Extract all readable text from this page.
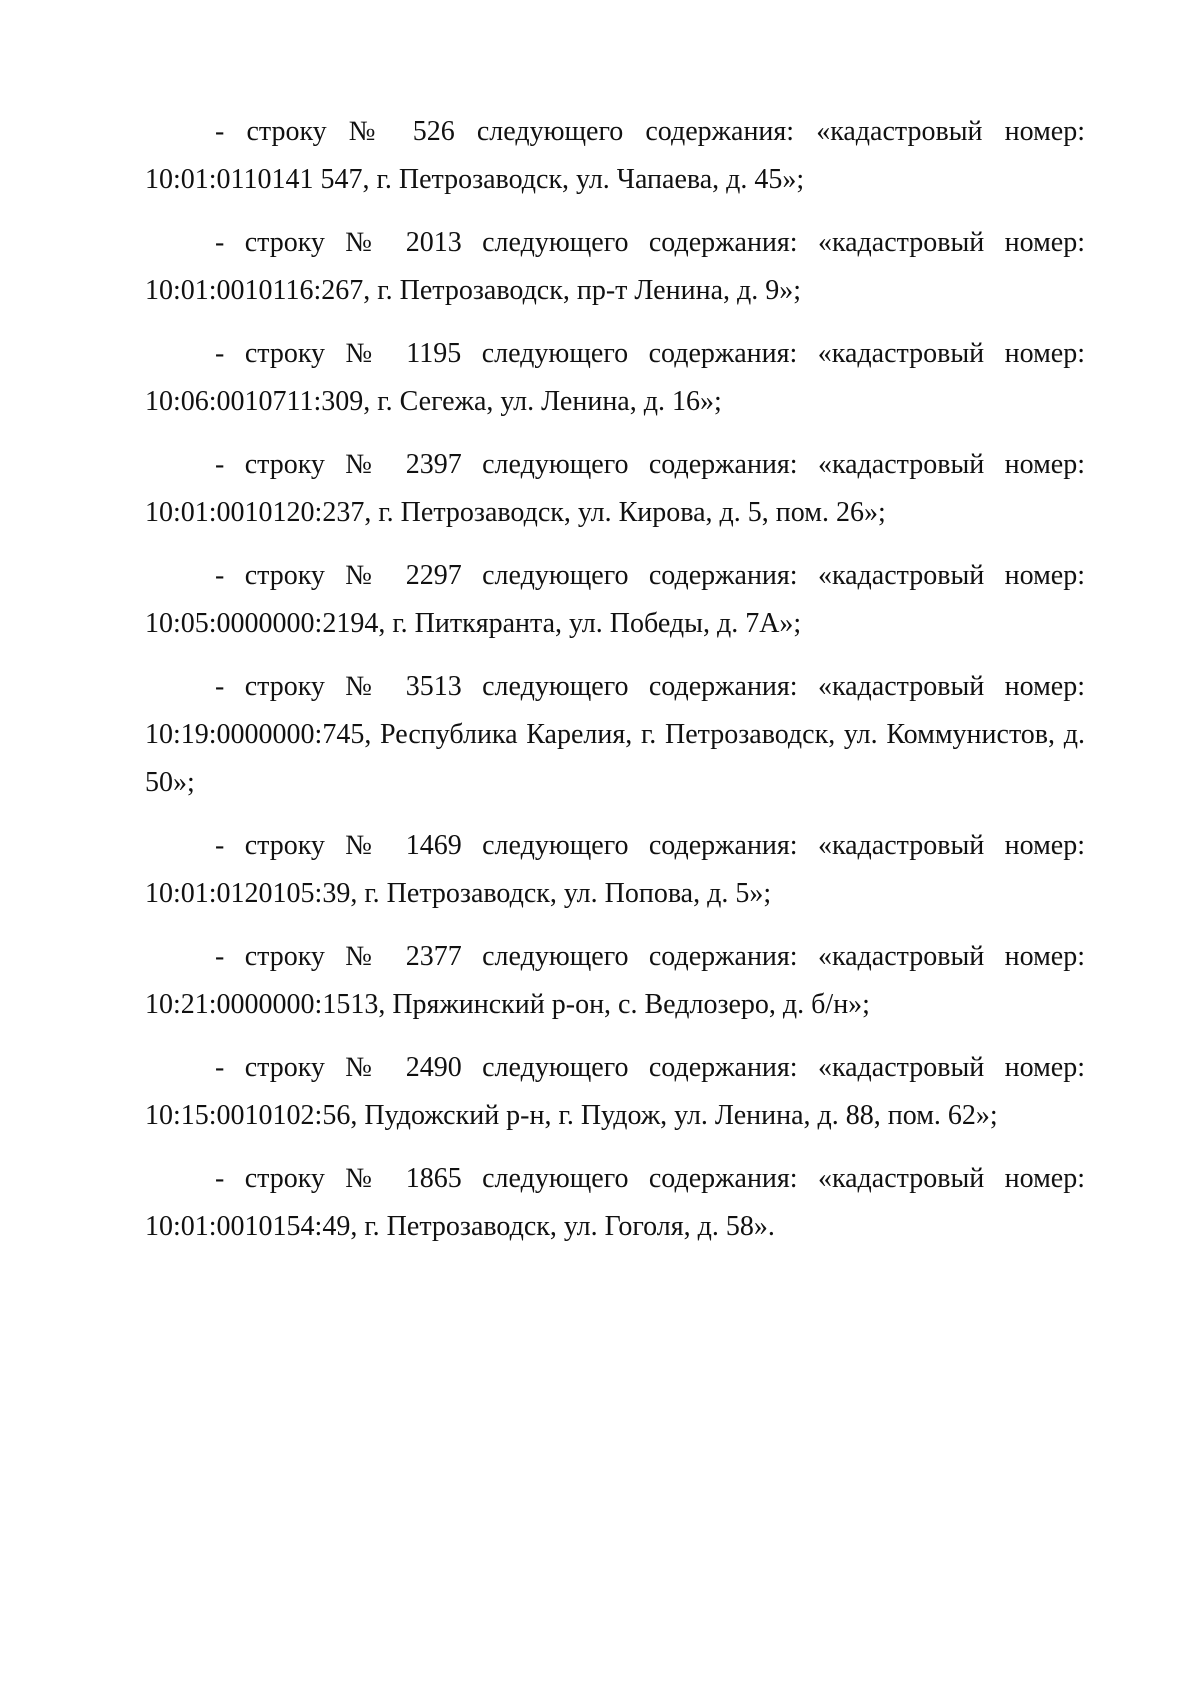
- строку № 526 следующего содержания: «кадастровый номер: 10:01:0110141 547, г. Петрозаводск, ул. Чапаева, д. 45»;

- строку № 2013 следующего содержания: «кадастровый номер: 10:01:0010116:267, г. Петрозаводск, пр-т Ленина, д. 9»;

- строку № 1195 следующего содержания: «кадастровый номер: 10:06:0010711:309, г. Сегежа, ул. Ленина, д. 16»;

- строку № 2397 следующего содержания: «кадастровый номер: 10:01:0010120:237, г. Петрозаводск, ул. Кирова, д. 5, пом. 26»;

- строку № 2297 следующего содержания: «кадастровый номер: 10:05:0000000:2194, г. Питкяранта, ул. Победы, д. 7А»;

- строку № 3513 следующего содержания: «кадастровый номер: 10:19:0000000:745, Республика Карелия, г. Петрозаводск, ул. Коммунистов, д. 50»;

- строку № 1469 следующего содержания: «кадастровый номер: 10:01:0120105:39, г. Петрозаводск, ул. Попова, д. 5»;

- строку № 2377 следующего содержания: «кадастровый номер: 10:21:0000000:1513, Пряжинский р-он, с. Ведлозеро, д. б/н»;

- строку № 2490 следующего содержания: «кадастровый номер: 10:15:0010102:56, Пудожский р-н, г. Пудож, ул. Ленина, д. 88, пом. 62»;

- строку № 1865 следующего содержания: «кадастровый номер: 10:01:0010154:49, г. Петрозаводск, ул. Гоголя, д. 58».
